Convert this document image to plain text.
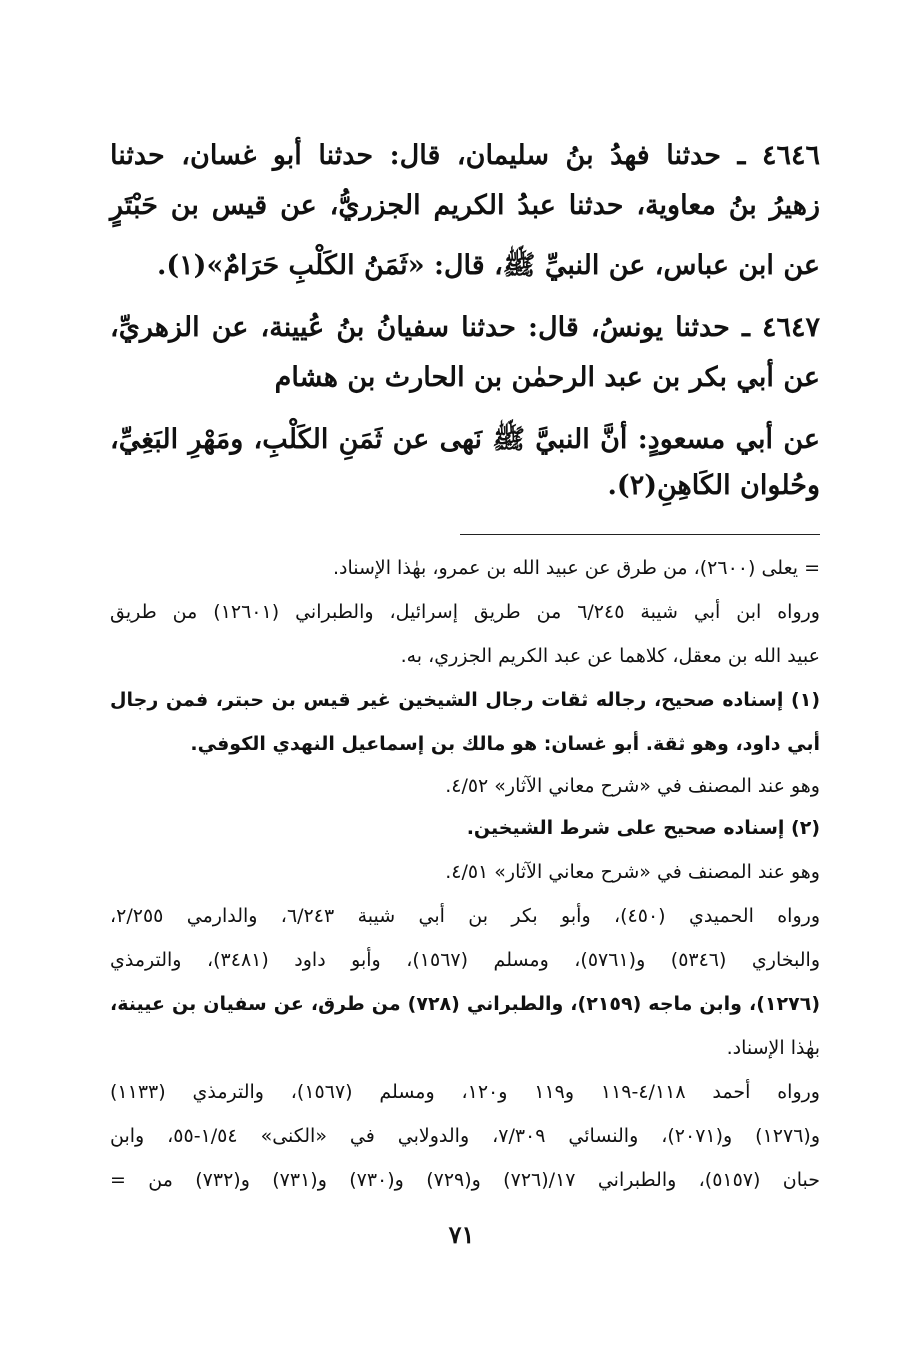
٤٦٤٦ ـ حدثنا فهدُ بنُ سليمان، قال: حدثنا أبو غسان، حدثنا
زهيرُ بنُ معاوية، حدثنا عبدُ الكريم الجزريُّ، عن قيس بن حَبْتَرٍ
عن ابن عباس، عن النبيِّ ﷺ، قال: «ثَمَنُ الكَلْبِ حَرَامٌ»(١).
٤٦٤٧ ـ حدثنا يونسُ، قال: حدثنا سفيانُ بنُ عُيينة، عن الزهريِّ،
عن أبي بكر بن عبد الرحمٰن بن الحارث بن هشام
عن أبي مسعودٍ: أنَّ النبيَّ ﷺ نَهى عن ثَمَنِ الكَلْبِ، ومَهْرِ البَغِيِّ،
وحُلوان الكَاهِنِ(٢).
= يعلى (٢٦٠٠)، من طرق عن عبيد الله بن عمرو، بهٰذا الإسناد.
ورواه ابن أبي شيبة ٦/٢٤٥ من طريق إسرائيل، والطبراني (١٢٦٠١) من طريق
عبيد الله بن معقل، كلاهما عن عبد الكريم الجزري، به.
(١) إسناده صحيح، رجاله ثقات رجال الشيخين غير قيس بن حبتر، فمن رجال
أبي داود، وهو ثقة. أبو غسان: هو مالك بن إسماعيل النهدي الكوفي.
وهو عند المصنف في «شرح معاني الآثار» ٤/٥٢.
(٢) إسناده صحيح على شرط الشيخين.
وهو عند المصنف في «شرح معاني الآثار» ٤/٥١.
ورواه الحميدي (٤٥٠)، وأبو بكر بن أبي شيبة ٦/٢٤٣، والدارمي ٢/٢٥٥،
والبخاري (٥٣٤٦) و(٥٧٦١)، ومسلم (١٥٦٧)، وأبو داود (٣٤٨١)، والترمذي
(١٢٧٦)، وابن ماجه (٢١٥٩)، والطبراني (٧٢٨) من طرق، عن سفيان بن عيينة،
بهٰذا الإسناد.
ورواه أحمد ٤/١١٨-١١٩ و١١٩ و١٢٠، ومسلم (١٥٦٧)، والترمذي (١١٣٣)
و(١٢٧٦) و(٢٠٧١)، والنسائي ٧/٣٠٩، والدولابي في «الكنى» ١/٥٤-٥٥، وابن
حبان (٥١٥٧)، والطبراني ١٧/(٧٢٦) و(٧٢٩) و(٧٣٠) و(٧٣١) و(٧٣٢) من =
٧١
